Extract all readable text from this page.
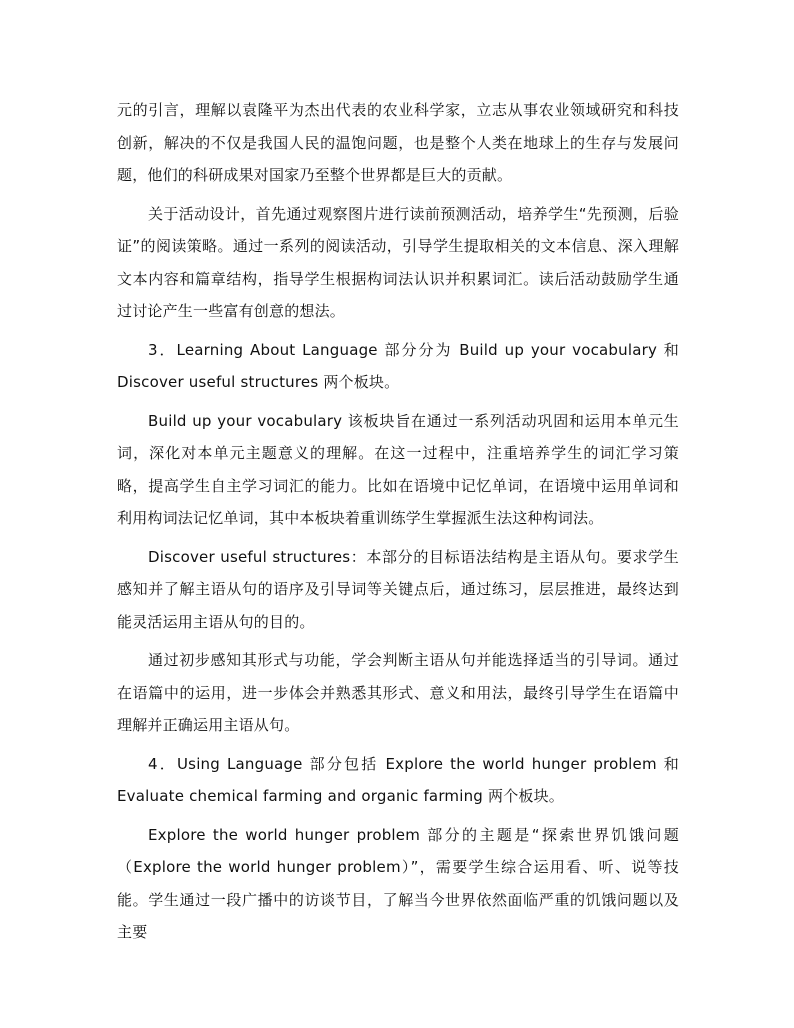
元的引言，理解以袁隆平为杰出代表的农业科学家，立志从事农业领域研究和科技创新，解决的不仅是我国人民的温饱问题，也是整个人类在地球上的生存与发展问题，他们的科研成果对国家乃至整个世界都是巨大的贡献。

关于活动设计，首先通过观察图片进行读前预测活动，培养学生“先预测，后验证”的阅读策略。通过一系列的阅读活动，引导学生提取相关的文本信息、深入理解文本内容和篇章结构，指导学生根据构词法认识并积累词汇。读后活动鼓励学生通过讨论产生一些富有创意的想法。

3．Learning About Language 部分分为 Build up your vocabulary 和 Discover useful structures 两个板块。

Build up your vocabulary 该板块旨在通过一系列活动巩固和运用本单元生词，深化对本单元主题意义的理解。在这一过程中，注重培养学生的词汇学习策略，提高学生自主学习词汇的能力。比如在语境中记忆单词，在语境中运用单词和利用构词法记忆单词，其中本板块着重训练学生掌握派生法这种构词法。

Discover useful structures：本部分的目标语法结构是主语从句。要求学生感知并了解主语从句的语序及引导词等关键点后，通过练习，层层推进，最终达到能灵活运用主语从句的目的。

通过初步感知其形式与功能，学会判断主语从句并能选择适当的引导词。通过在语篇中的运用，进一步体会并熟悉其形式、意义和用法，最终引导学生在语篇中理解并正确运用主语从句。

4．Using Language 部分包括 Explore the world hunger problem 和 Evaluate chemical farming and organic farming 两个板块。

Explore the world hunger problem 部分的主题是“探索世界饥饿问题（Explore the world hunger problem）”，需要学生综合运用看、听、说等技能。学生通过一段广播中的访谈节目，了解当今世界依然面临严重的饥饿问题以及主要
